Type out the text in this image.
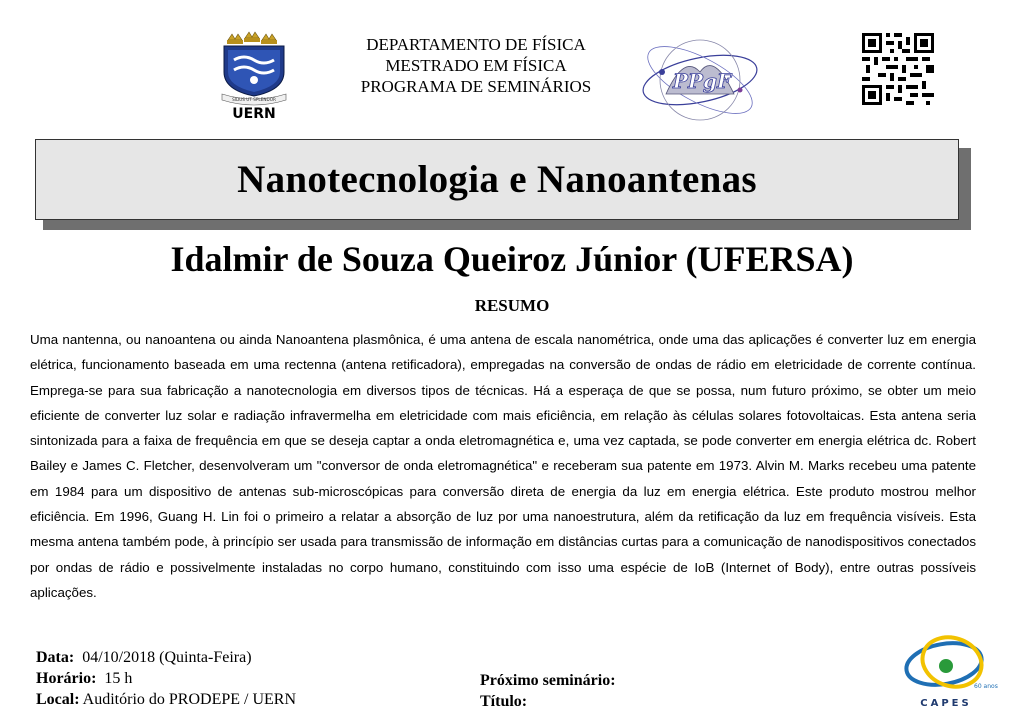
SIDUS UT SPLENDOR
UERN
DEPARTAMENTO DE FÍSICA
MESTRADO EM FÍSICA
PROGRAMA DE SEMINÁRIOS	PPgF
Nanotecnologia e Nanoantenas
Idalmir de Souza Queiroz Júnior (UFERSA)
RESUMO

Uma nantenna, ou nanoantena ou ainda Nanoantena plasmônica, é uma antena de escala nanométrica, onde uma das aplicações é converter luz em energia elétrica, funcionamento baseada em uma rectenna (antena retificadora), empregadas na conversão de ondas de rádio em eletricidade de corrente contínua. Emprega-se para sua fabricação a nanotecnologia em diversos tipos de técnicas. Há a esperaça de que se possa, num futuro próximo, se obter um meio eficiente de converter luz solar e radiação infravermelha em eletricidade com mais eficiência, em relação às células solares fotovoltaicas. Esta antena seria sintonizada para a faixa de frequência em que se deseja captar a onda eletromagnética e, uma vez captada, se pode converter em energia elétrica dc. Robert Bailey e James C. Fletcher, desenvolveram um "conversor de onda eletromagnética" e receberam sua patente em 1973. Alvin M. Marks recebeu uma patente em 1984 para um dispositivo de antenas sub-microscópicas para conversão direta de energia da luz em energia elétrica. Este produto mostrou melhor eficiência. Em 1996, Guang H. Lin foi o primeiro a relatar a absorção de luz por uma nanoestrutura, além da retificação da luz em frequência visíveis. Esta mesma antena também pode, à princípio ser usada para transmissão de informação em distâncias curtas para a comunicação de nanodispositivos conectados por ondas de rádio e possivelmente instaladas no corpo humano, constituindo com isso uma espécie de IoB (Internet of Body), entre outras possíveis aplicações.

Data: 04/10/2018 (Quinta-Feira)
Horário: 15 h
Local: Auditório do PRODEPE / UERN
Próximo seminário:
Título:
60 anos
CAPES
